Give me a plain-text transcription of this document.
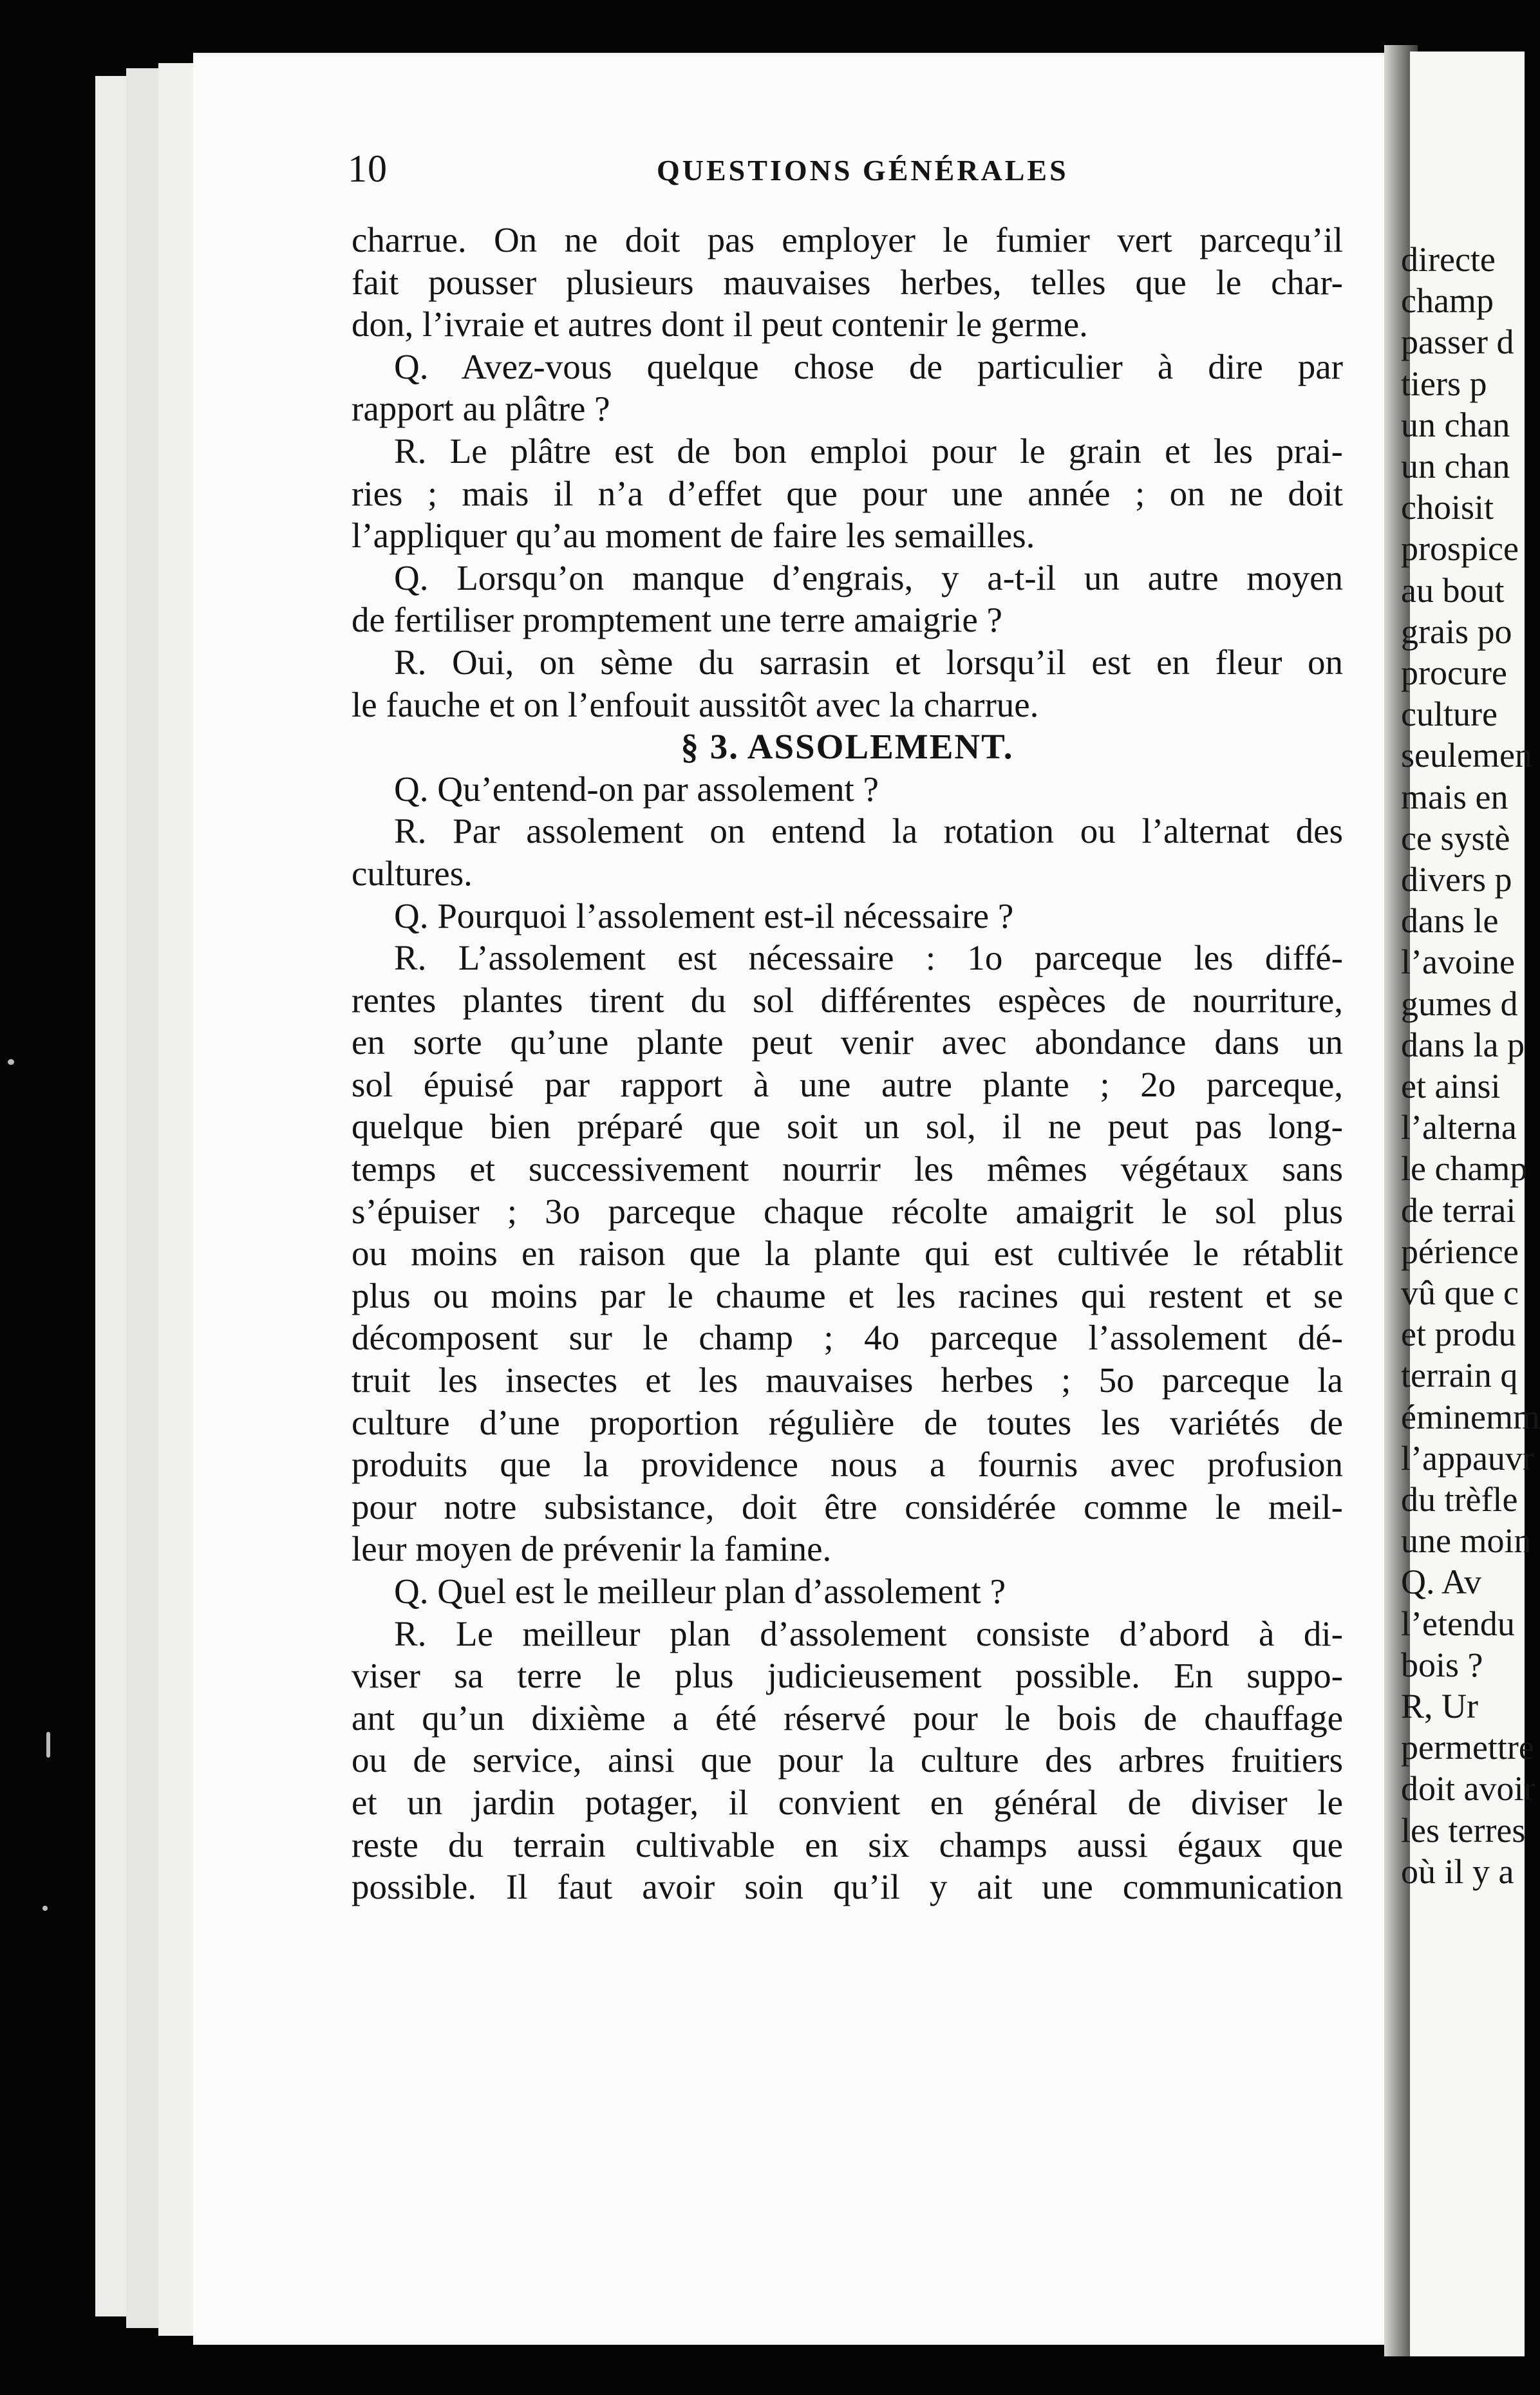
10	QUESTIONS GÉNÉRALES
charrue. On ne doit pas employer le fumier vert parcequ’il
fait pousser plusieurs mauvaises herbes, telles que le char-
don, l’ivraie et autres dont il peut contenir le germe.
Q. Avez-vous quelque chose de particulier à dire par
rapport au plâtre ?
R. Le plâtre est de bon emploi pour le grain et les prai-
ries ; mais il n’a d’effet que pour une année ; on ne doit
l’appliquer qu’au moment de faire les semailles.
Q. Lorsqu’on manque d’engrais, y a-t-il un autre moyen
de fertiliser promptement une terre amaigrie ?
R. Oui, on sème du sarrasin et lorsqu’il est en fleur on
le fauche et on l’enfouit aussitôt avec la charrue.
§ 3. ASSOLEMENT.
Q. Qu’entend-on par assolement ?
R. Par assolement on entend la rotation ou l’alternat des
cultures.
Q. Pourquoi l’assolement est-il nécessaire ?
R. L’assolement est nécessaire : 1o parceque les diffé-
rentes plantes tirent du sol différentes espèces de nourriture,
en sorte qu’une plante peut venir avec abondance dans un
sol épuisé par rapport à une autre plante ; 2o parceque,
quelque bien préparé que soit un sol, il ne peut pas long-
temps et successivement nourrir les mêmes végétaux sans
s’épuiser ; 3o parceque chaque récolte amaigrit le sol plus
ou moins en raison que la plante qui est cultivée le rétablit
plus ou moins par le chaume et les racines qui restent et se
décomposent sur le champ ; 4o parceque l’assolement dé-
truit les insectes et les mauvaises herbes ; 5o parceque la
culture d’une proportion régulière de toutes les variétés de
produits que la providence nous a fournis avec profusion
pour notre subsistance, doit être considérée comme le meil-
leur moyen de prévenir la famine.
Q. Quel est le meilleur plan d’assolement ?
R. Le meilleur plan d’assolement consiste d’abord à di-
viser sa terre le plus judicieusement possible. En suppo-
ant qu’un dixième a été réservé pour le bois de chauffage
ou de service, ainsi que pour la culture des arbres fruitiers
et un jardin potager, il convient en général de diviser le
reste du terrain cultivable en six champs aussi égaux que
possible. Il faut avoir soin qu’il y ait une communication
directe
champ
passer d
tiers p
un chan
un chan
choisit
prospice
au bout
grais po
procure
culture
seulemen
mais en
ce systè
divers p
dans le
l’avoine
gumes d
dans la p
et ainsi
l’alterna
le champ
de terrai
périence
vû que c
et produ
terrain q
éminemm
l’appauvr
du trèfle
une moin
Q. Av
l’etendu
bois ?
R, Ur
permettre
doit avoir
les terres
où il y a
